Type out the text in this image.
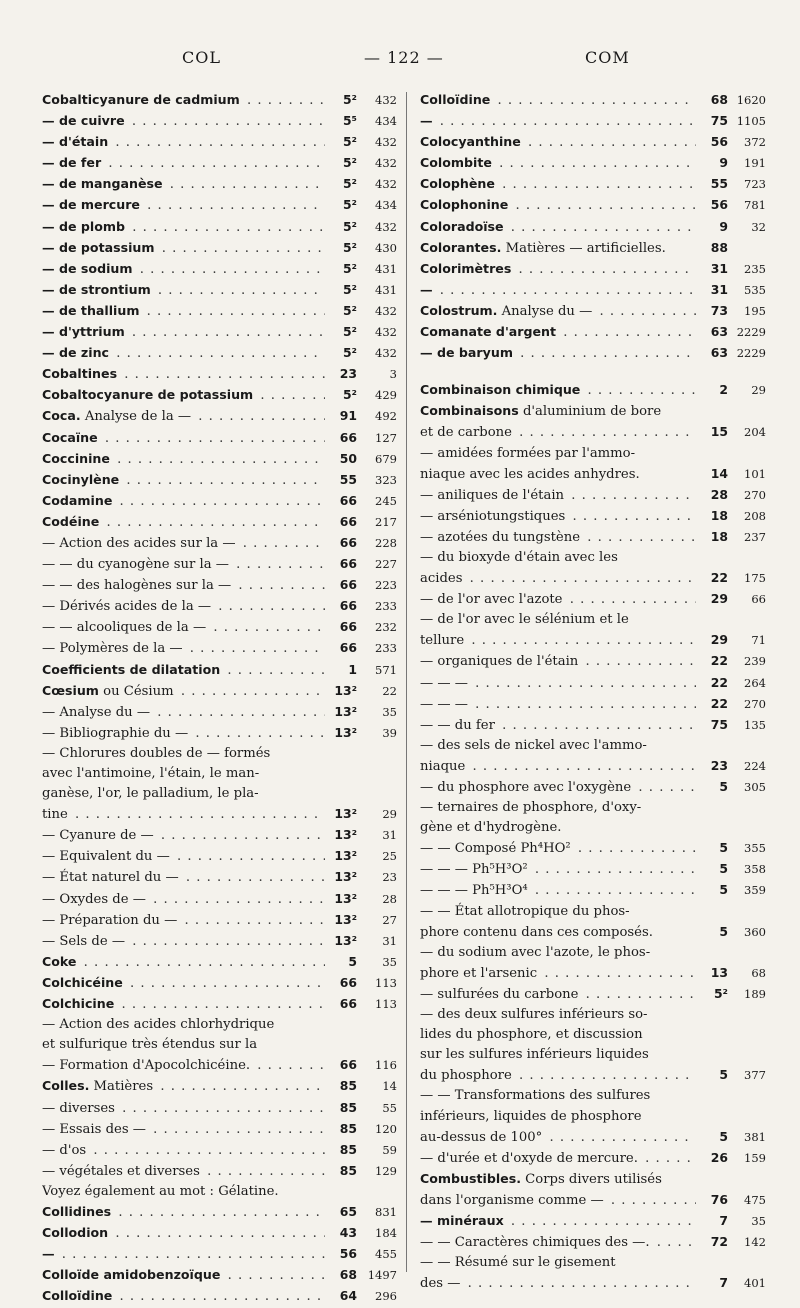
COL	— 122 —	COM
Cobalticyanure de cadmium . . .	5²	432
— de cuivre . . .	5⁵	434
— d'étain . . .	5²	432
— de fer . . .	5²	432
— de manganèse . . .	5²	432
— de mercure . . .	5²	434
— de plomb . . .	5²	432
— de potassium . . .	5²	430
— de sodium . . .	5²	431
— de strontium . . .	5²	431
— de thallium . . .	5²	432
— d'yttrium . . .	5²	432
— de zinc . . .	5²	432
Cobaltines . . .	23	3
Cobaltocyanure de potassium . . .	5²	429
Coca. Analyse de la — . . .	91	492
Cocaïne . . .	66	127
Coccinine . . .	50	679
Cocinylène . . .	55	323
Codamine . . .	66	245
Codéine . . .	66	217
— Action des acides sur la — . . .	66	228
— — du cyanogène sur la — . . .	66	227
— — des halogènes sur la — . . .	66	223
— Dérivés acides de la — . . .	66	233
— — alcooliques de la — . . .	66	232
— Polymères de la — . . .	66	233
Coefficients de dilatation . . .	1	571
Cœsium ou Césium . . .	13²	22
— Analyse du — . . .	13²	35
— Bibliographie du — . . .	13²	39
— Chlorures doubles de — formés
avec l'antimoine, l'étain, le man-
ganèse, l'or, le palladium, le pla-
tine . . .	13²	29
— Cyanure de — . . .	13²	31
— Equivalent du — . . .	13²	25
— État naturel du — . . .	13²	23
— Oxydes de — . . .	13²	28
— Préparation du — . . .	13²	27
— Sels de — . . .	13²	31
Coke . . .	5	35
Colchicéine . . .	66	113
Colchicine . . .	66	113
— Action des acides chlorhydrique
et sulfurique très étendus sur la
— Formation d'Apocolchicéine. . . .	66	116
Colles. Matières . . .	85	14
— diverses . . .	85	55
— Essais des — . . .	85	120
— d'os . . .	85	59
— végétales et diverses . . .	85	129
Voyez également au mot : Gélatine.
Collidines . . .	65	831
Collodion . . .	43	184
— . . .	56	455
Colloïde amidobenzoïque . . .	68 1497
Colloïdine . . .	64	296
Colloïdine . . .	68 1620
— . . .	75 1105
Colocyanthine . . .	56	372
Colombite . . .	9	191
Colophène . . .	55	723
Colophonine . . .	56	781
Coloradoïse . . .	9	32
Colorantes. Matières — artificielles.	88
Colorimètres . . .	31	235
— . . .	31	535
Colostrum. Analyse du — . . .	73	195
Comanate d'argent . . .	63 2229
— de baryum . . .	63 2229
Combinaison chimique . . .	2	29
Combinaisons d'aluminium de bore
et de carbone . . .	15	204
— amidées formées par l'ammo-
niaque avec les acides anhydres.	14	101
— aniliques de l'étain . . .	28	270
— arséniotungstiques . . .	18	208
— azotées du tungstène . . .	18	237
— du bioxyde d'étain avec les
acides . . .	22	175
— de l'or avec l'azote . . .	29	66
— de l'or avec le sélénium et le
tellure . . .	29	71
— organiques de l'étain . . .	22	239
— — — . . .	22	264
— — — . . .	22	270
— — du fer . . .	75	135
— des sels de nickel avec l'ammo-
niaque . . .	23	224
— du phosphore avec l'oxygène . . .	5	305
— ternaires de phosphore, d'oxy-
gène et d'hydrogène.
— — Composé Ph⁴HO² . . .	5	355
— — — Ph⁵H³O² . . .	5	358
— — — Ph⁵H³O⁴ . . .	5	359
— — État allotropique du phos-
phore contenu dans ces composés.	5	360
— du sodium avec l'azote, le phos-
phore et l'arsenic . . .	13	68
— sulfurées du carbone . . .	5²	189
— des deux sulfures inférieurs so-
lides du phosphore, et discussion
sur les sulfures inférieurs liquides
du phosphore . . .	5	377
— — Transformations des sulfures
inférieurs, liquides de phosphore
au-dessus de 100° . . .	5	381
— d'urée et d'oxyde de mercure. . . .	26	159
Combustibles. Corps divers utilisés
dans l'organisme comme — . . .	76	475
— minéraux . . .	7	35
— — Caractères chimiques des —. . . .	72	142
— — Résumé sur le gisement
des — . . .	7	401
